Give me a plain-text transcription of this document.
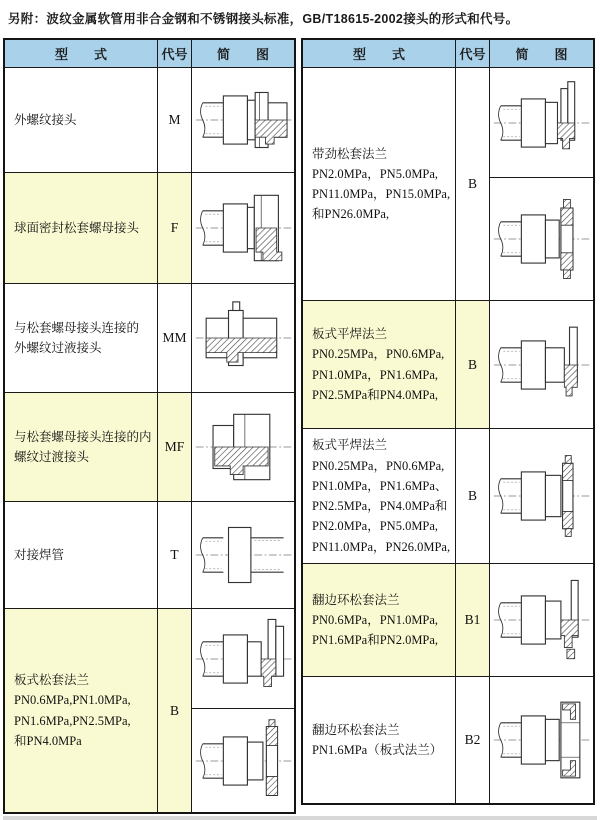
另附：波纹金属软管用非合金钢和不锈钢接头标准，GB/T18615-2002接头的形式和代号。
型　　式	代号	简　　图

外螺纹接头	M	

球面密封松套螺母接头	F	

与松套螺母接头连接的
外螺纹过液接头	MM	

与松套螺母接头连接的内
螺纹过渡接头	MF	

对接焊管	T	

板式松套法兰
PN0.6MPa,PN1.0MPa,
PN1.6MPa,PN2.5MPa,
和PN4.0MPa	B	

型　　式	代号	简　　图

带劲松套法兰
PN2.0MPa，PN5.0MPa,
PN11.0MPa，PN15.0MPa,
和PN26.0MPa,	B	

板式平焊法兰
PN0.25MPa，PN0.6MPa,
PN1.0MPa，PN1.6MPa,
PN2.5MPa和PN4.0MPa,	B	

板式平焊法兰
PN0.25MPa，PN0.6MPa,
PN1.0MPa，PN1.6MPa、
PN2.5MPa，PN4.0MPa和
PN2.0MPa，PN5.0MPa,
PN11.0MPa，PN26.0MPa,
	B	

翻边环松套法兰
PN0.6MPa，PN1.0MPa,
PN1.6MPa和PN2.0MPa,	B1	

翻边环松套法兰
PN1.6MPa（板式法兰）	B2	
